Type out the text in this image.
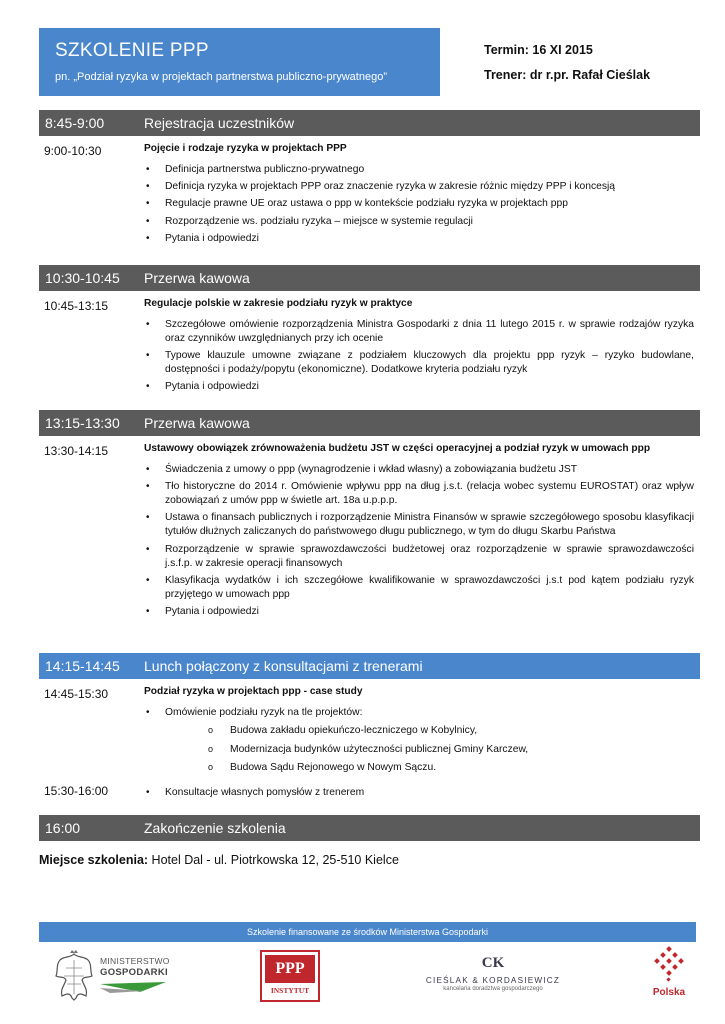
SZKOLENIE PPP
pn. „Podział ryzyka w projektach partnerstwa publiczno-prywatnego”
Termin: 16 XI 2015
Trener: dr r.pr. Rafał Cieślak
8:45-9:00	Rejestracja uczestników
9:00-10:30	Pojęcie i rodzaje ryzyka w projektach PPP
• Definicja partnerstwa publiczno-prywatnego
• Definicja ryzyka w projektach PPP oraz znaczenie ryzyka w zakresie różnic między PPP i koncesją
• Regulacje prawne UE oraz ustawa o ppp w kontekście podziału ryzyka w projektach ppp
• Rozporządzenie ws. podziału ryzyka – miejsce w systemie regulacji
• Pytania i odpowiedzi
10:30-10:45 Przerwa kawowa
10:45-13:15	Regulacje polskie w zakresie podziału ryzyk w praktyce
• Szczegółowe omówienie rozporządzenia Ministra Gospodarki z dnia 11 lutego 2015 r. w sprawie rodzajów ryzyka oraz czynników uwzględnianych przy ich ocenie
• Typowe klauzule umowne związane z podziałem kluczowych dla projektu ppp ryzyk – ryzyko budowlane, dostępności i podaży/popytu (ekonomiczne). Dodatkowe kryteria podziału ryzyk
• Pytania i odpowiedzi
13:15-13:30 Przerwa kawowa
13:30-14:15	Ustawowy obowiązek zrównoważenia budżetu JST w części operacyjnej a podział ryzyk w umowach ppp
• Świadczenia z umowy o ppp (wynagrodzenie i wkład własny) a zobowiązania budżetu JST
• Tło historyczne do 2014 r. Omówienie wpływu ppp na dług j.s.t. (relacja wobec systemu EUROSTAT) oraz wpływ zobowiązań z umów ppp w świetle art. 18a u.p.p.p.
• Ustawa o finansach publicznych i rozporządzenie Ministra Finansów w sprawie szczegółowego sposobu klasyfikacji tytułów dłużnych zaliczanych do państwowego długu publicznego, w tym do długu Skarbu Państwa
• Rozporządzenie w sprawie sprawozdawczości budżetowej oraz rozporządzenie w sprawie sprawozdawczości j.s.f.p. w zakresie operacji finansowych
• Klasyfikacja wydatków i ich szczegółowe kwalifikowanie w sprawozdawczości j.s.t pod kątem podziału ryzyk przyjętego w umowach ppp
• Pytania i odpowiedzi
14:15-14:45 Lunch połączony z konsultacjami z trenerami
14:45-15:30	Podział ryzyka w projektach ppp - case study
• Omówienie podziału ryzyk na tle projektów:
o Budowa zakładu opiekuńczo-leczniczego w Kobylnicy,
o Modernizacja budynków użyteczności publicznej Gminy Karczew,
o Budowa Sądu Rejonowego w Nowym Sączu.
15:30-16:00
•	Konsultacje własnych pomysłów z trenerem
16:00	Zakończenie szkolenia
Miejsce szkolenia: Hotel Dal - ul. Piotrkowska 12, 25-510 Kielce
Szkolenie finansowane ze środków Ministerstwa Gospodarki
MINISTERSTWO
GOSPODARKI	PPP
INSTYTUT
CK
CIEŚLAK & KORDASIEWICZ
kancelaria doradztwa gospodarczego	Polska
